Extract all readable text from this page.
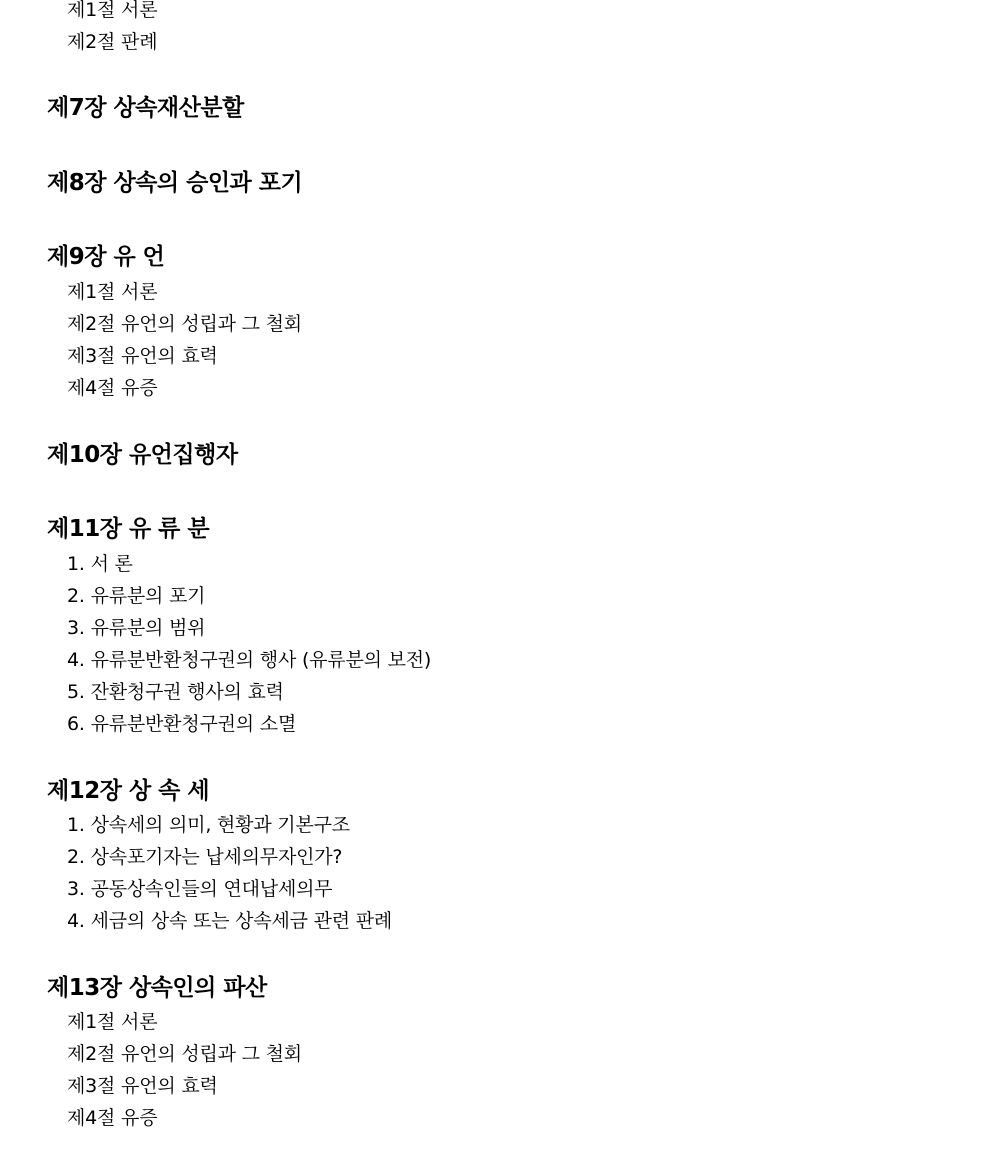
제1절 서론
제2절 판례
제7장 상속재산분할
제8장 상속의 승인과 포기
제9장 유 언
제1절 서론
제2절 유언의 성립과 그 철회
제3절 유언의 효력
제4절 유증
제10장 유언집행자
제11장 유 류 분
1. 서 론
2. 유류분의 포기
3. 유류분의 범위
4. 유류분반환청구권의 행사 (유류분의 보전)
5. 잔환청구권 행사의 효력
6. 유류분반환청구권의 소멸
제12장 상 속 세
1. 상속세의 의미, 현황과 기본구조
2. 상속포기자는 납세의무자인가?
3. 공동상속인들의 연대납세의무
4. 세금의 상속 또는 상속세금 관련 판례
제13장 상속인의 파산
제1절 서론
제2절 유언의 성립과 그 철회
제3절 유언의 효력
제4절 유증
